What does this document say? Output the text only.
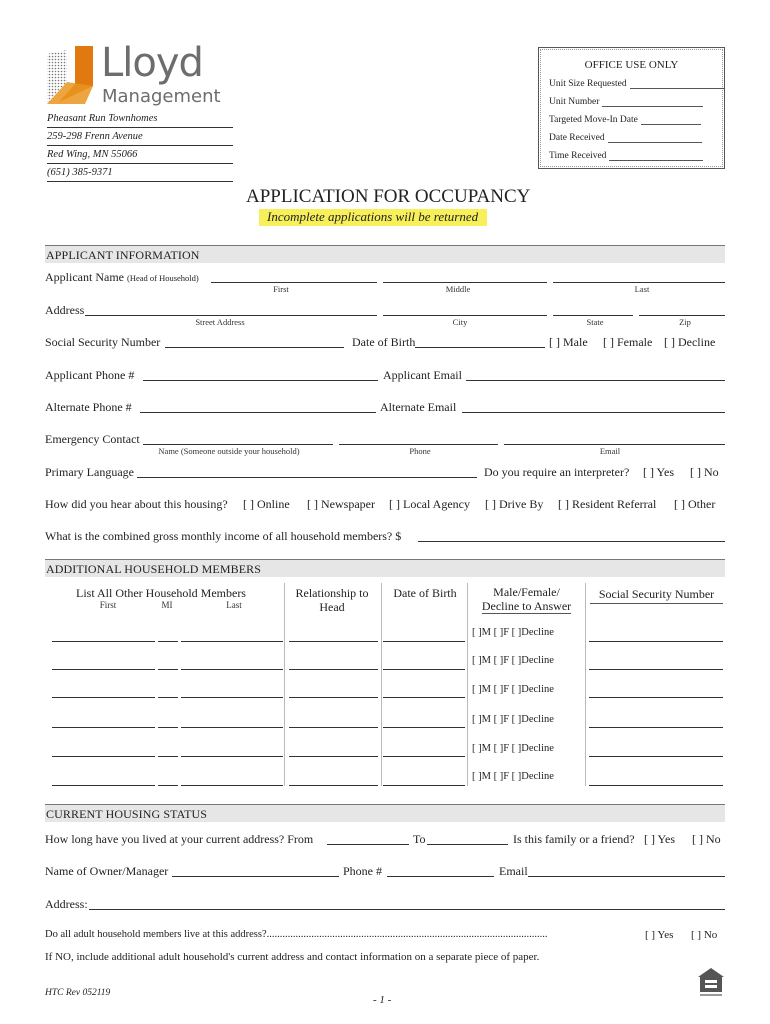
Lloyd
Management
Pheasant Run Townhomes
259-298 Frenn Avenue
Red Wing, MN 55066
(651) 385-9371
OFFICE USE ONLY
Unit Size Requested
Unit Number
Targeted Move-In Date
Date Received
Time Received
APPLICATION FOR OCCUPANCY
Incomplete applications will be returned
APPLICANT INFORMATION
Applicant Name (Head of Household)
First	Middle	Last
Address
Street Address	City	State	Zip
Social Security Number	Date of Birth	[ ] Male [ ] Female [ ] Decline
Applicant Phone #	Applicant Email
Alternate Phone #	Alternate Email
Emergency Contact
Name (Someone outside your household)	Phone	Email
Primary Language	Do you require an interpreter? [ ] Yes [ ] No
How did you hear about this housing? [ ] Online [ ] Newspaper [ ] Local Agency [ ] Drive By [ ] Resident Referral [ ] Other
What is the combined gross monthly income of all household members? $
ADDITIONAL HOUSEHOLD MEMBERS
List All Other Household Members
First	MI	Last
Relationship to
Head
Date of Birth	Male/Female/
Decline to Answer
Social Security Number
[ ]M [ ]F [ ]Decline
[ ]M [ ]F [ ]Decline
[ ]M [ ]F [ ]Decline
[ ]M [ ]F [ ]Decline
[ ]M [ ]F [ ]Decline
[ ]M [ ]F [ ]Decline
CURRENT HOUSING STATUS
How long have you lived at your current address? From	To	Is this family or a friend? [ ] Yes [ ] No
Name of Owner/Manager	Phone #	Email
Address:
Do all adult household members live at this address?...........................................................................................................	[ ] Yes [ ] No
If NO, include additional adult household's current address and contact information on a separate piece of paper.
HTC Rev 052119
- 1 -
